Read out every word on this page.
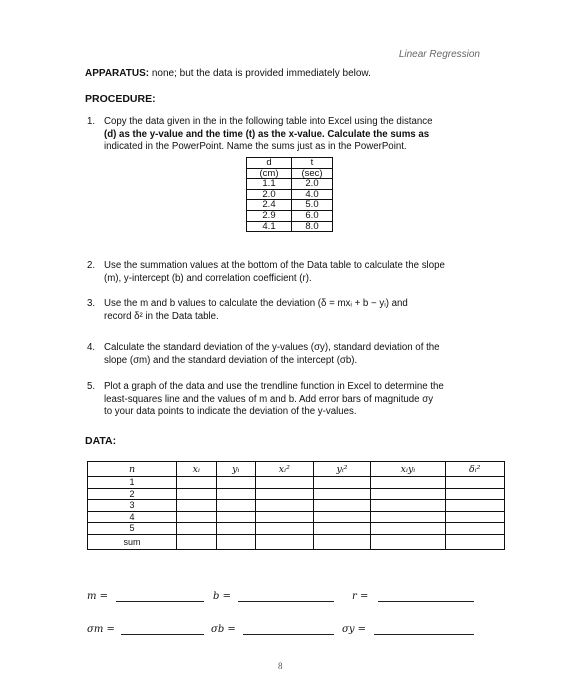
Linear Regression
APPARATUS: none; but the data is provided immediately below.
PROCEDURE:
1. Copy the data given in the in the following table into Excel using the distance
(d) as the y-value and the time (t) as the x-value. Calculate the sums as
indicated in the PowerPoint. Name the sums just as in the PowerPoint.
d	t
(cm)	(sec)
1.1	2.0
2.0	4.0
2.4	5.0
2.9	6.0
4.1	8.0
2. Use the summation values at the bottom of the Data table to calculate the slope
(m), y-intercept (b) and correlation coefficient (r).
3. Use the m and b values to calculate the deviation (δ = mxᵢ + b − yᵢ) and
record δ² in the Data table.
4. Calculate the standard deviation of the y-values (σy), standard deviation of the
slope (σm) and the standard deviation of the intercept (σb).
5. Plot a graph of the data and use the trendline function in Excel to determine the
least-squares line and the values of m and b. Add error bars of magnitude σy
to your data points to indicate the deviation of the y-values.
DATA:
n	xᵢ	yᵢ	xᵢ²	yᵢ²	xᵢyᵢ	δᵢ²
1						
2						
3						
4						
5						
sum						
m =	b =	r =
σm =	σb =	σy =
8
